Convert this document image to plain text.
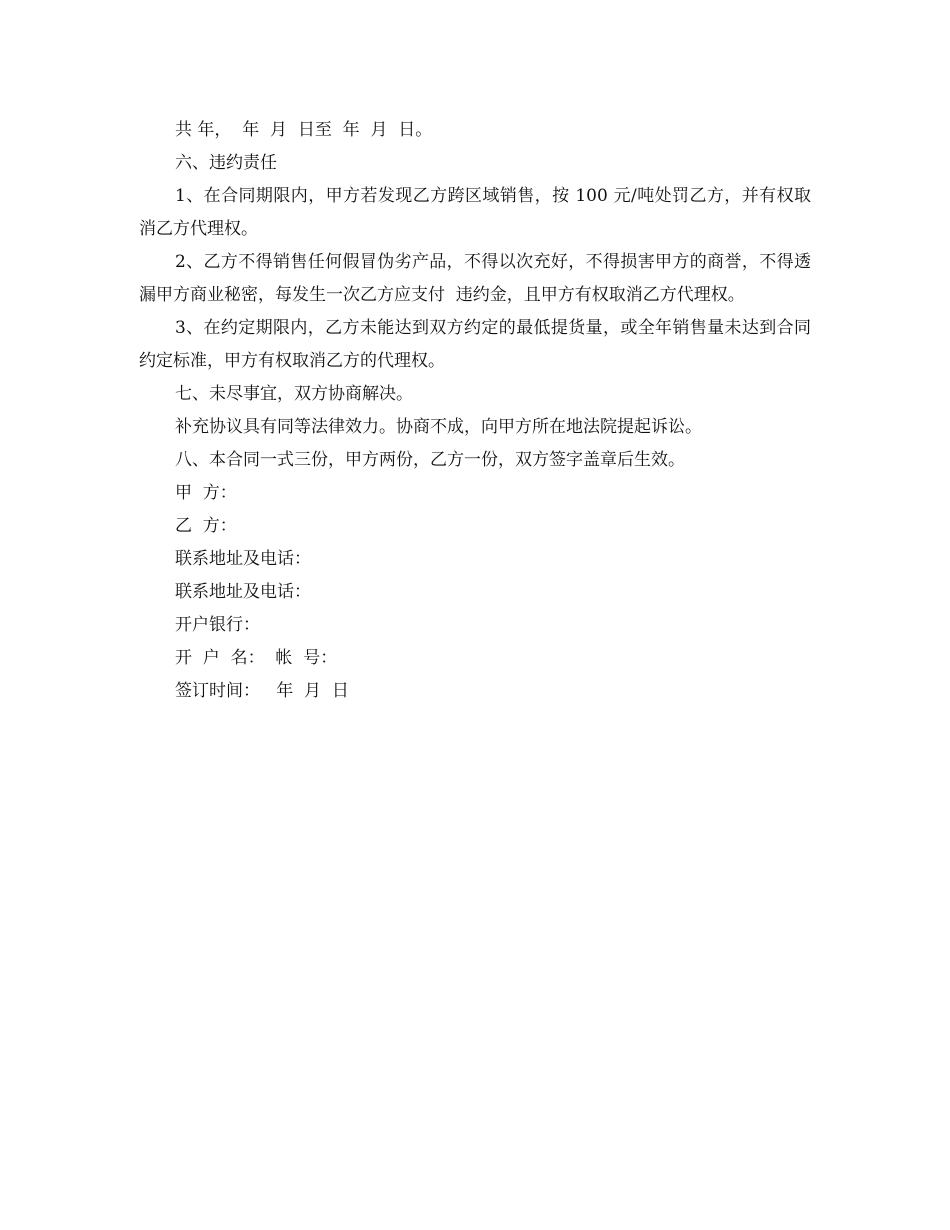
共 年，  年  月  日至  年  月  日。

六、违约责任

1、在合同期限内，甲方若发现乙方跨区域销售，按 100 元/吨处罚乙方，并有权取消乙方代理权。

2、乙方不得销售任何假冒伪劣产品，不得以次充好，不得损害甲方的商誉，不得透漏甲方商业秘密，每发生一次乙方应支付  违约金，且甲方有权取消乙方代理权。

3、在约定期限内，乙方未能达到双方约定的最低提货量，或全年销售量未达到合同约定标准，甲方有权取消乙方的代理权。

七、未尽事宜，双方协商解决。

补充协议具有同等法律效力。协商不成，向甲方所在地法院提起诉讼。

八、本合同一式三份，甲方两份，乙方一份，双方签字盖章后生效。

甲  方：

乙  方：

联系地址及电话：

联系地址及电话：

开户银行：

开  户  名：  帐  号：

签订时间：   年  月  日
